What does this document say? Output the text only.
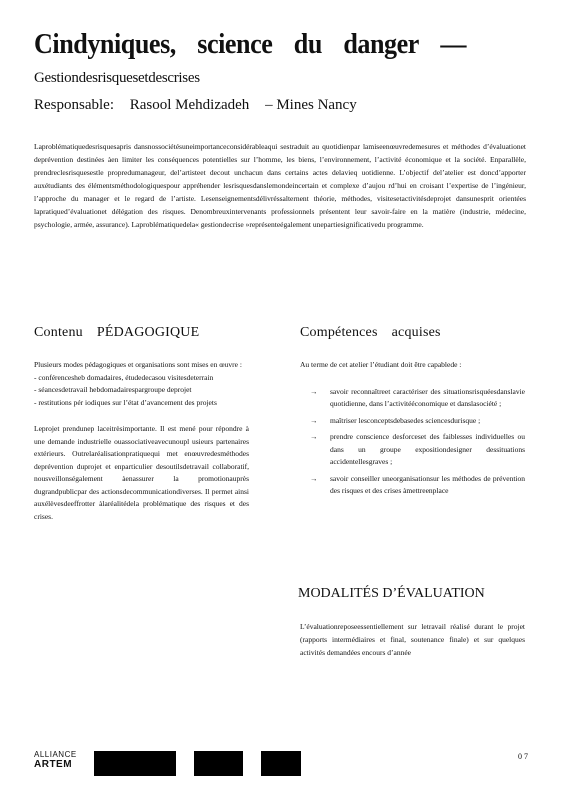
Cindyniques, science du danger —
Gestiondesrisquesetdescrises
Responsable: Rasool Mehdizadeh – Mines Nancy
Laproblématiquedesrisquesapris dansnossociétésuneimportanceconsidérableaqui sestraduit au quotidienpar lamiseenœuvredemesures et méthodes d’évaluationet deprévention destinées àen limiter les conséquences potentielles sur l’homme, les biens, l’environnement, l’activité économique et la société. Enparallèle, prendreclesrisquesestle propredumanageur, del’artisteet decout unchacun dans certains actes delavieq uotidienne. L’objectif del’atelier est doncd’apporter auxétudiants des élémentsméthodologiquespour appréhender lesrisquesdanslemondeincertain et complexe d’aujou rd’hui en croisant l’expertise de l’ingénieur, l’approche du manager et le regard de l’artiste. Lesenseignementsdélivréssalternent théorie, méthodes, visitesetactivitésdeprojet dansunesprit orientées lapratiqued’évaluationet délégation des risques. Denombreuxintervenants professionnels présentent leur savoir-faire en la matière (industrie, médecine, psychologie, armée, assurance). Laproblématiquedela« gestiondecrise »représenteégalement unepartiesignificativedu programme.
Contenu PÉDAGOGIQUE
Plusieurs modes pédagogiques et organisations sont mises en œuvre :
- conférencesheb domadaires, étudedecasou visitesdeterrain
- séancesdetravail hebdomadairespargroupe deprojet
- restitutions pér iodiques sur l’état d’avancement des projets
Leprojet prendunep laceitrèsimportante. Il est mené pour répondre à une demande industrielle ouassociativeavecunoupl usieurs partenaires extérieurs. Outrelaréalisationpratiquequi met enœuvredesméthodes deprévention duprojet et enparticulier desoutilsdetravail collaboratif, nousveillonségalement àenassurer la promotionauprès dugrandpublicpar des actionsdecommunicationdiverses. Il permet ainsi auxélèvesdeeffrotter àlaréalitédela problématique des risques et des crises.
Compétences acquises
Au terme de cet atelier l’étudiant doit être capablede :
→ savoir reconnaîtreet caractériser des situationsrisquéesdanslavie quotidienne, dans l’activitééconomique et danslasociété ;
→ maîtriser lesconceptsdebasedes sciencesdurisque ;
→ prendre conscience desforceset des faiblesses individuelles ou dans un groupe expositiondesigner dessituations accidentellesgraves ;
→ savoir conseiller uneorganisationsur les méthodes de prévention des risques et des crises àmettreenplace
MODALITÉS D’ÉVALUATION
L’évaluationreposeessentiellement sur letravail réalisé durant le projet (rapports intermédiaires et final, soutenance finale) et sur quelques activités demandées encours d’année
ALLIANCE
ARTEM
07
